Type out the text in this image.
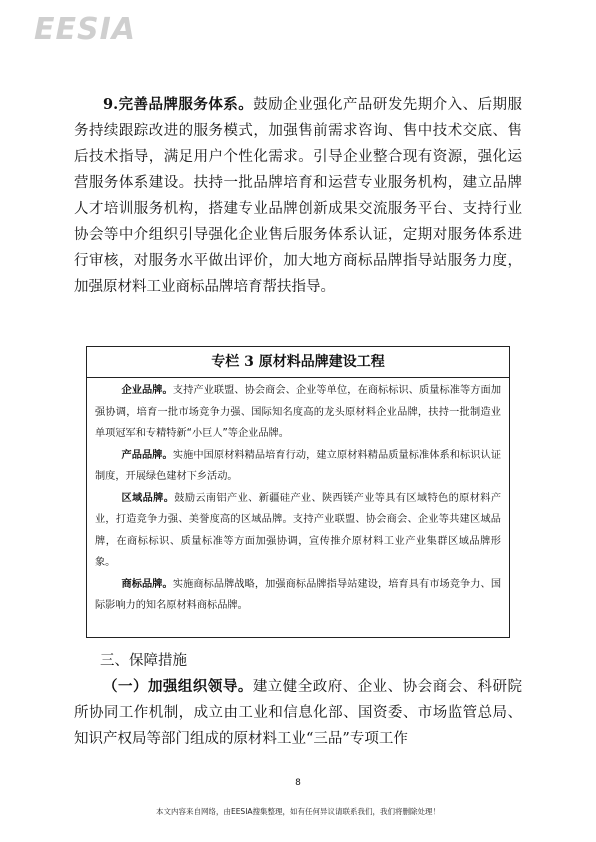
EESIA

9.完善品牌服务体系。鼓励企业强化产品研发先期介入、后期服务持续跟踪改进的服务模式，加强售前需求咨询、售中技术交底、售后技术指导，满足用户个性化需求。引导企业整合现有资源，强化运营服务体系建设。扶持一批品牌培育和运营专业服务机构，建立品牌人才培训服务机构，搭建专业品牌创新成果交流服务平台、支持行业协会等中介组织引导强化企业售后服务体系认证，定期对服务体系进行审核，对服务水平做出评价，加大地方商标品牌指导站服务力度，加强原材料工业商标品牌培育帮扶指导。

专栏 3 原材料品牌建设工程

企业品牌。支持产业联盟、协会商会、企业等单位，在商标标识、质量标准等方面加强协调，培育一批市场竞争力强、国际知名度高的龙头原材料企业品牌，扶持一批制造业单项冠军和专精特新“小巨人”等企业品牌。

产品品牌。实施中国原材料精品培育行动，建立原材料精品质量标准体系和标识认证制度，开展绿色建材下乡活动。

区域品牌。鼓励云南铝产业、新疆硅产业、陕西镁产业等具有区域特色的原材料产业，打造竞争力强、美誉度高的区域品牌。支持产业联盟、协会商会、企业等共建区域品牌，在商标标识、质量标准等方面加强协调，宣传推介原材料工业产业集群区域品牌形象。

商标品牌。实施商标品牌战略，加强商标品牌指导站建设，培育具有市场竞争力、国际影响力的知名原材料商标品牌。

三、保障措施

（一）加强组织领导。建立健全政府、企业、协会商会、科研院所协同工作机制，成立由工业和信息化部、国资委、市场监管总局、知识产权局等部门组成的原材料工业“三品”专项工作

8
本文内容来自网络，由EESIA搜集整理，如有任何异议请联系我们，我们将删除处理！
